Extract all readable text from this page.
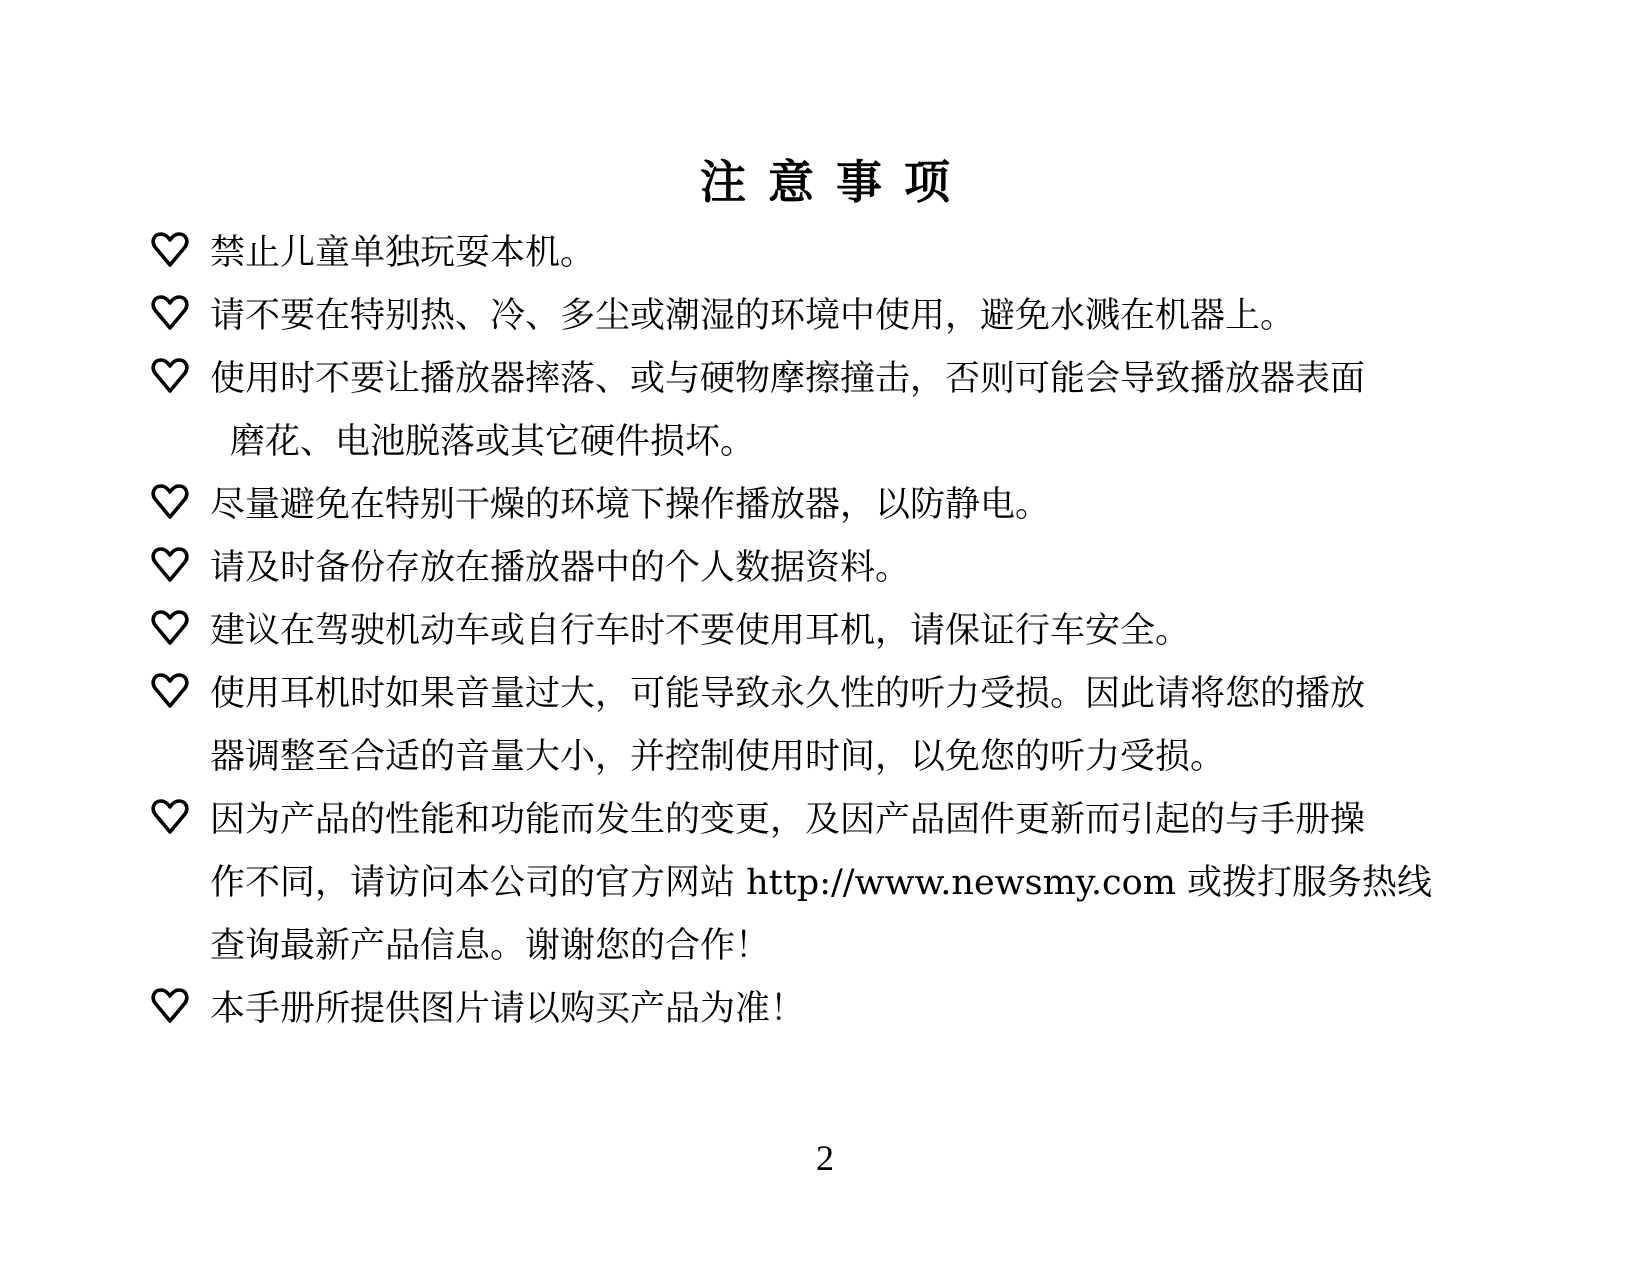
注意事项
禁止儿童单独玩耍本机。
请不要在特别热、冷、多尘或潮湿的环境中使用，避免水溅在机器上。
使用时不要让播放器摔落、或与硬物摩擦撞击，否则可能会导致播放器表面
磨花、电池脱落或其它硬件损坏。
尽量避免在特别干燥的环境下操作播放器，以防静电。
请及时备份存放在播放器中的个人数据资料。
建议在驾驶机动车或自行车时不要使用耳机，请保证行车安全。
使用耳机时如果音量过大，可能导致永久性的听力受损。因此请将您的播放
器调整至合适的音量大小，并控制使用时间，以免您的听力受损。
因为产品的性能和功能而发生的变更，及因产品固件更新而引起的与手册操
作不同，请访问本公司的官方网站 http://www.newsmy.com 或拨打服务热线
查询最新产品信息。谢谢您的合作！
本手册所提供图片请以购买产品为准！
2
